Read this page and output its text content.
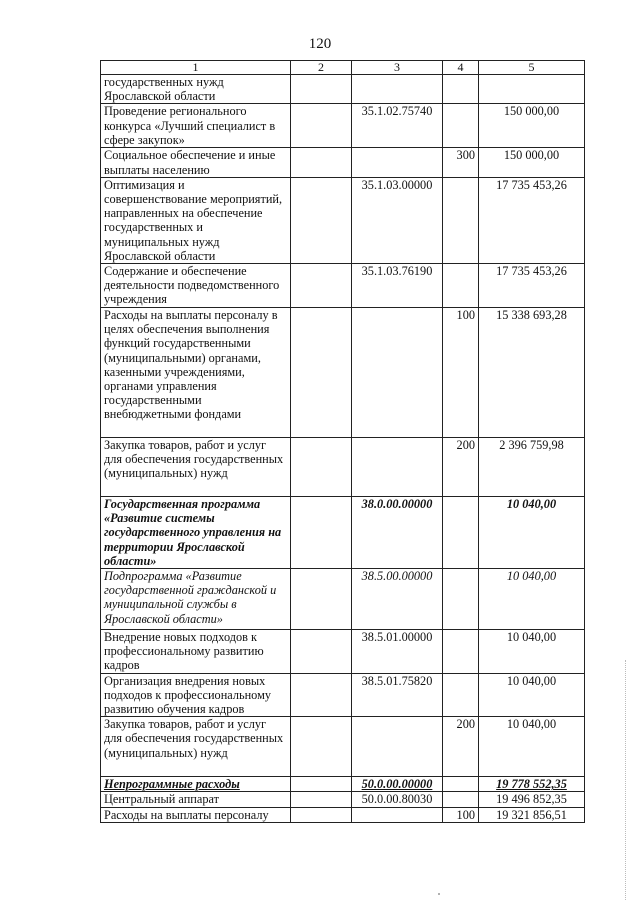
120
1	2	3	4	5
государственных нужд Ярославской области				
Проведение регионального конкурса «Лучший специалист в сфере закупок»		35.1.02.75740		150 000,00
Социальное обеспечение и иные выплаты населению			300	150 000,00
Оптимизация и совершенствование мероприятий, направленных на обеспечение государственных и муниципальных нужд Ярославской области		35.1.03.00000		17 735 453,26
Содержание и обеспечение деятельности подведомственного учреждения		35.1.03.76190		17 735 453,26
Расходы на выплаты персоналу в целях обеспечения выполнения функций государственными (муниципальными) органами, казенными учреждениями, органами управления государственными внебюджетными фондами			100	15 338 693,28
Закупка товаров, работ и услуг для обеспечения государственных (муниципальных) нужд			200	2 396 759,98
Государственная программа «Развитие системы государственного управления на территории Ярославской области»		38.0.00.00000		10 040,00
Подпрограмма «Развитие государственной гражданской и муниципальной службы в Ярославской области»		38.5.00.00000		10 040,00
Внедрение новых подходов к профессиональному развитию кадров		38.5.01.00000		10 040,00
Организация внедрения новых подходов к профессиональному развитию обучения кадров		38.5.01.75820		10 040,00
Закупка товаров, работ и услуг для обеспечения государственных (муниципальных) нужд			200	10 040,00
Непрограммные расходы		50.0.00.00000		19 778 552,35
Центральный аппарат		50.0.00.80030		19 496 852,35
Расходы на выплаты персоналу			100	19 321 856,51
